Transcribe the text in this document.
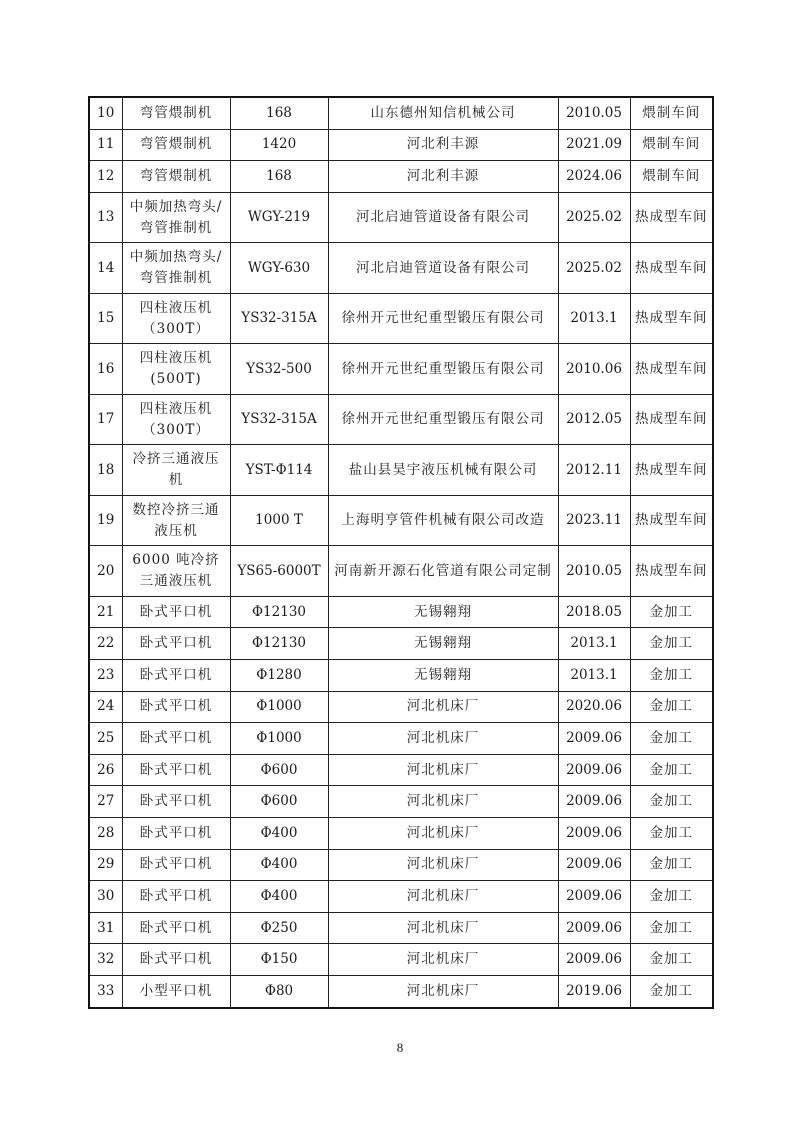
10	弯管煨制机	168	山东德州知信机械公司	2010.05	煨制车间
11	弯管煨制机	1420	河北利丰源	2021.09	煨制车间
12	弯管煨制机	168	河北利丰源	2024.06	煨制车间
13	中频加热弯头/弯管推制机	WGY-219	河北启迪管道设备有限公司	2025.02	热成型车间
14	中频加热弯头/弯管推制机	WGY-630	河北启迪管道设备有限公司	2025.02	热成型车间
15	四柱液压机（300T）	YS32-315A	徐州开元世纪重型锻压有限公司	2013.1	热成型车间
16	四柱液压机(500T)	YS32-500	徐州开元世纪重型锻压有限公司	2010.06	热成型车间
17	四柱液压机（300T）	YS32-315A	徐州开元世纪重型锻压有限公司	2012.05	热成型车间
18	冷挤三通液压机	YST-Φ114	盐山县昊宇液压机械有限公司	2012.11	热成型车间
19	数控冷挤三通液压机	1000 T	上海明亨管件机械有限公司改造	2023.11	热成型车间
20	6000 吨冷挤三通液压机	YS65-6000T	河南新开源石化管道有限公司定制	2010.05	热成型车间
21	卧式平口机	Φ12130	无锡翱翔	2018.05	金加工
22	卧式平口机	Φ12130	无锡翱翔	2013.1	金加工
23	卧式平口机	Φ1280	无锡翱翔	2013.1	金加工
24	卧式平口机	Φ1000	河北机床厂	2020.06	金加工
25	卧式平口机	Φ1000	河北机床厂	2009.06	金加工
26	卧式平口机	Φ600	河北机床厂	2009.06	金加工
27	卧式平口机	Φ600	河北机床厂	2009.06	金加工
28	卧式平口机	Φ400	河北机床厂	2009.06	金加工
29	卧式平口机	Φ400	河北机床厂	2009.06	金加工
30	卧式平口机	Φ400	河北机床厂	2009.06	金加工
31	卧式平口机	Φ250	河北机床厂	2009.06	金加工
32	卧式平口机	Φ150	河北机床厂	2009.06	金加工
33	小型平口机	Φ80	河北机床厂	2019.06	金加工
8
